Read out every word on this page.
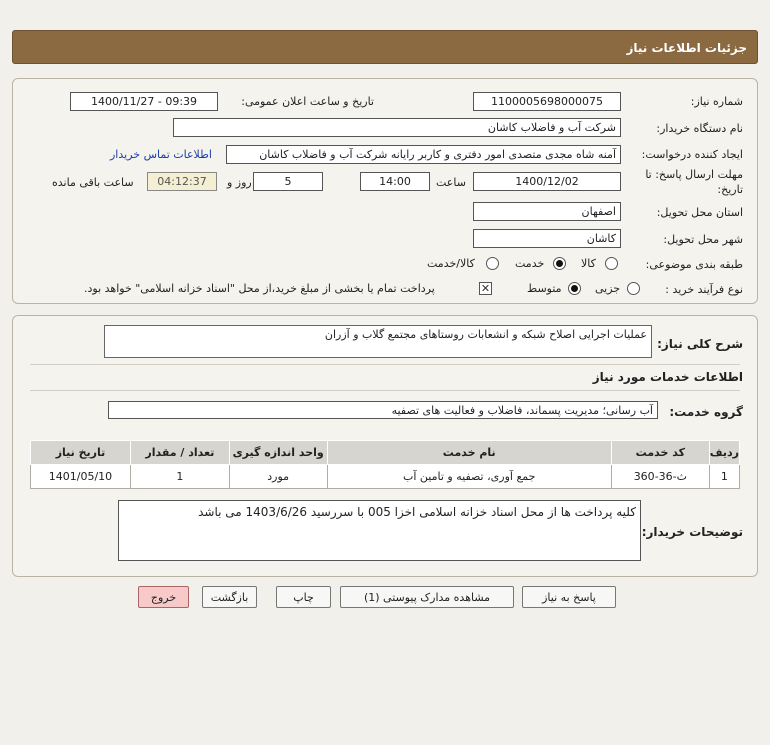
جزئیات اطلاعات نیاز
شماره نیاز:
1100005698000075
تاریخ و ساعت اعلان عمومی:
1400/11/27 - 09:39
نام دستگاه خریدار:
شرکت آب و فاضلاب کاشان
ایجاد کننده درخواست:
آمنه شاه مجدی متصدی امور دفتری و کاربر رایانه شرکت آب و فاضلاب کاشان
اطلاعات تماس خریدار
مهلت ارسال پاسخ: تا
تاریخ:
1400/12/02
ساعت
14:00
5
روز و
04:12:37
ساعت باقی مانده
استان محل تحویل:
اصفهان
شهر محل تحویل:
کاشان
طبقه بندی موضوعی:
کالا
خدمت
کالا/خدمت
نوع فرآیند خرید :
جزیی
متوسط
✕
پرداخت تمام یا بخشی از مبلغ خرید،از محل "اسناد خزانه اسلامی" خواهد بود.
شرح کلی نیاز:
عملیات اجرایی اصلاح شبکه و انشعابات روستاهای مجتمع گلاب و آزران
اطلاعات خدمات مورد نیاز
گروه خدمت:
آب رسانی؛ مدیریت پسماند، فاضلاب و فعالیت های تصفیه
ردیف	کد خدمت	نام خدمت	واحد اندازه گیری	تعداد / مقدار	تاریخ نیاز
1	ث-36-360	جمع آوری، تصفیه و تامین آب	مورد	1	1401/05/10
توضیحات خریدار:
کلیه پرداخت ها از محل اسناد خزانه اسلامی اخزا 005 با سررسید 1403/6/26 می باشد
پاسخ به نیاز
مشاهده مدارک پیوستی (1)
چاپ
بازگشت
خروج
